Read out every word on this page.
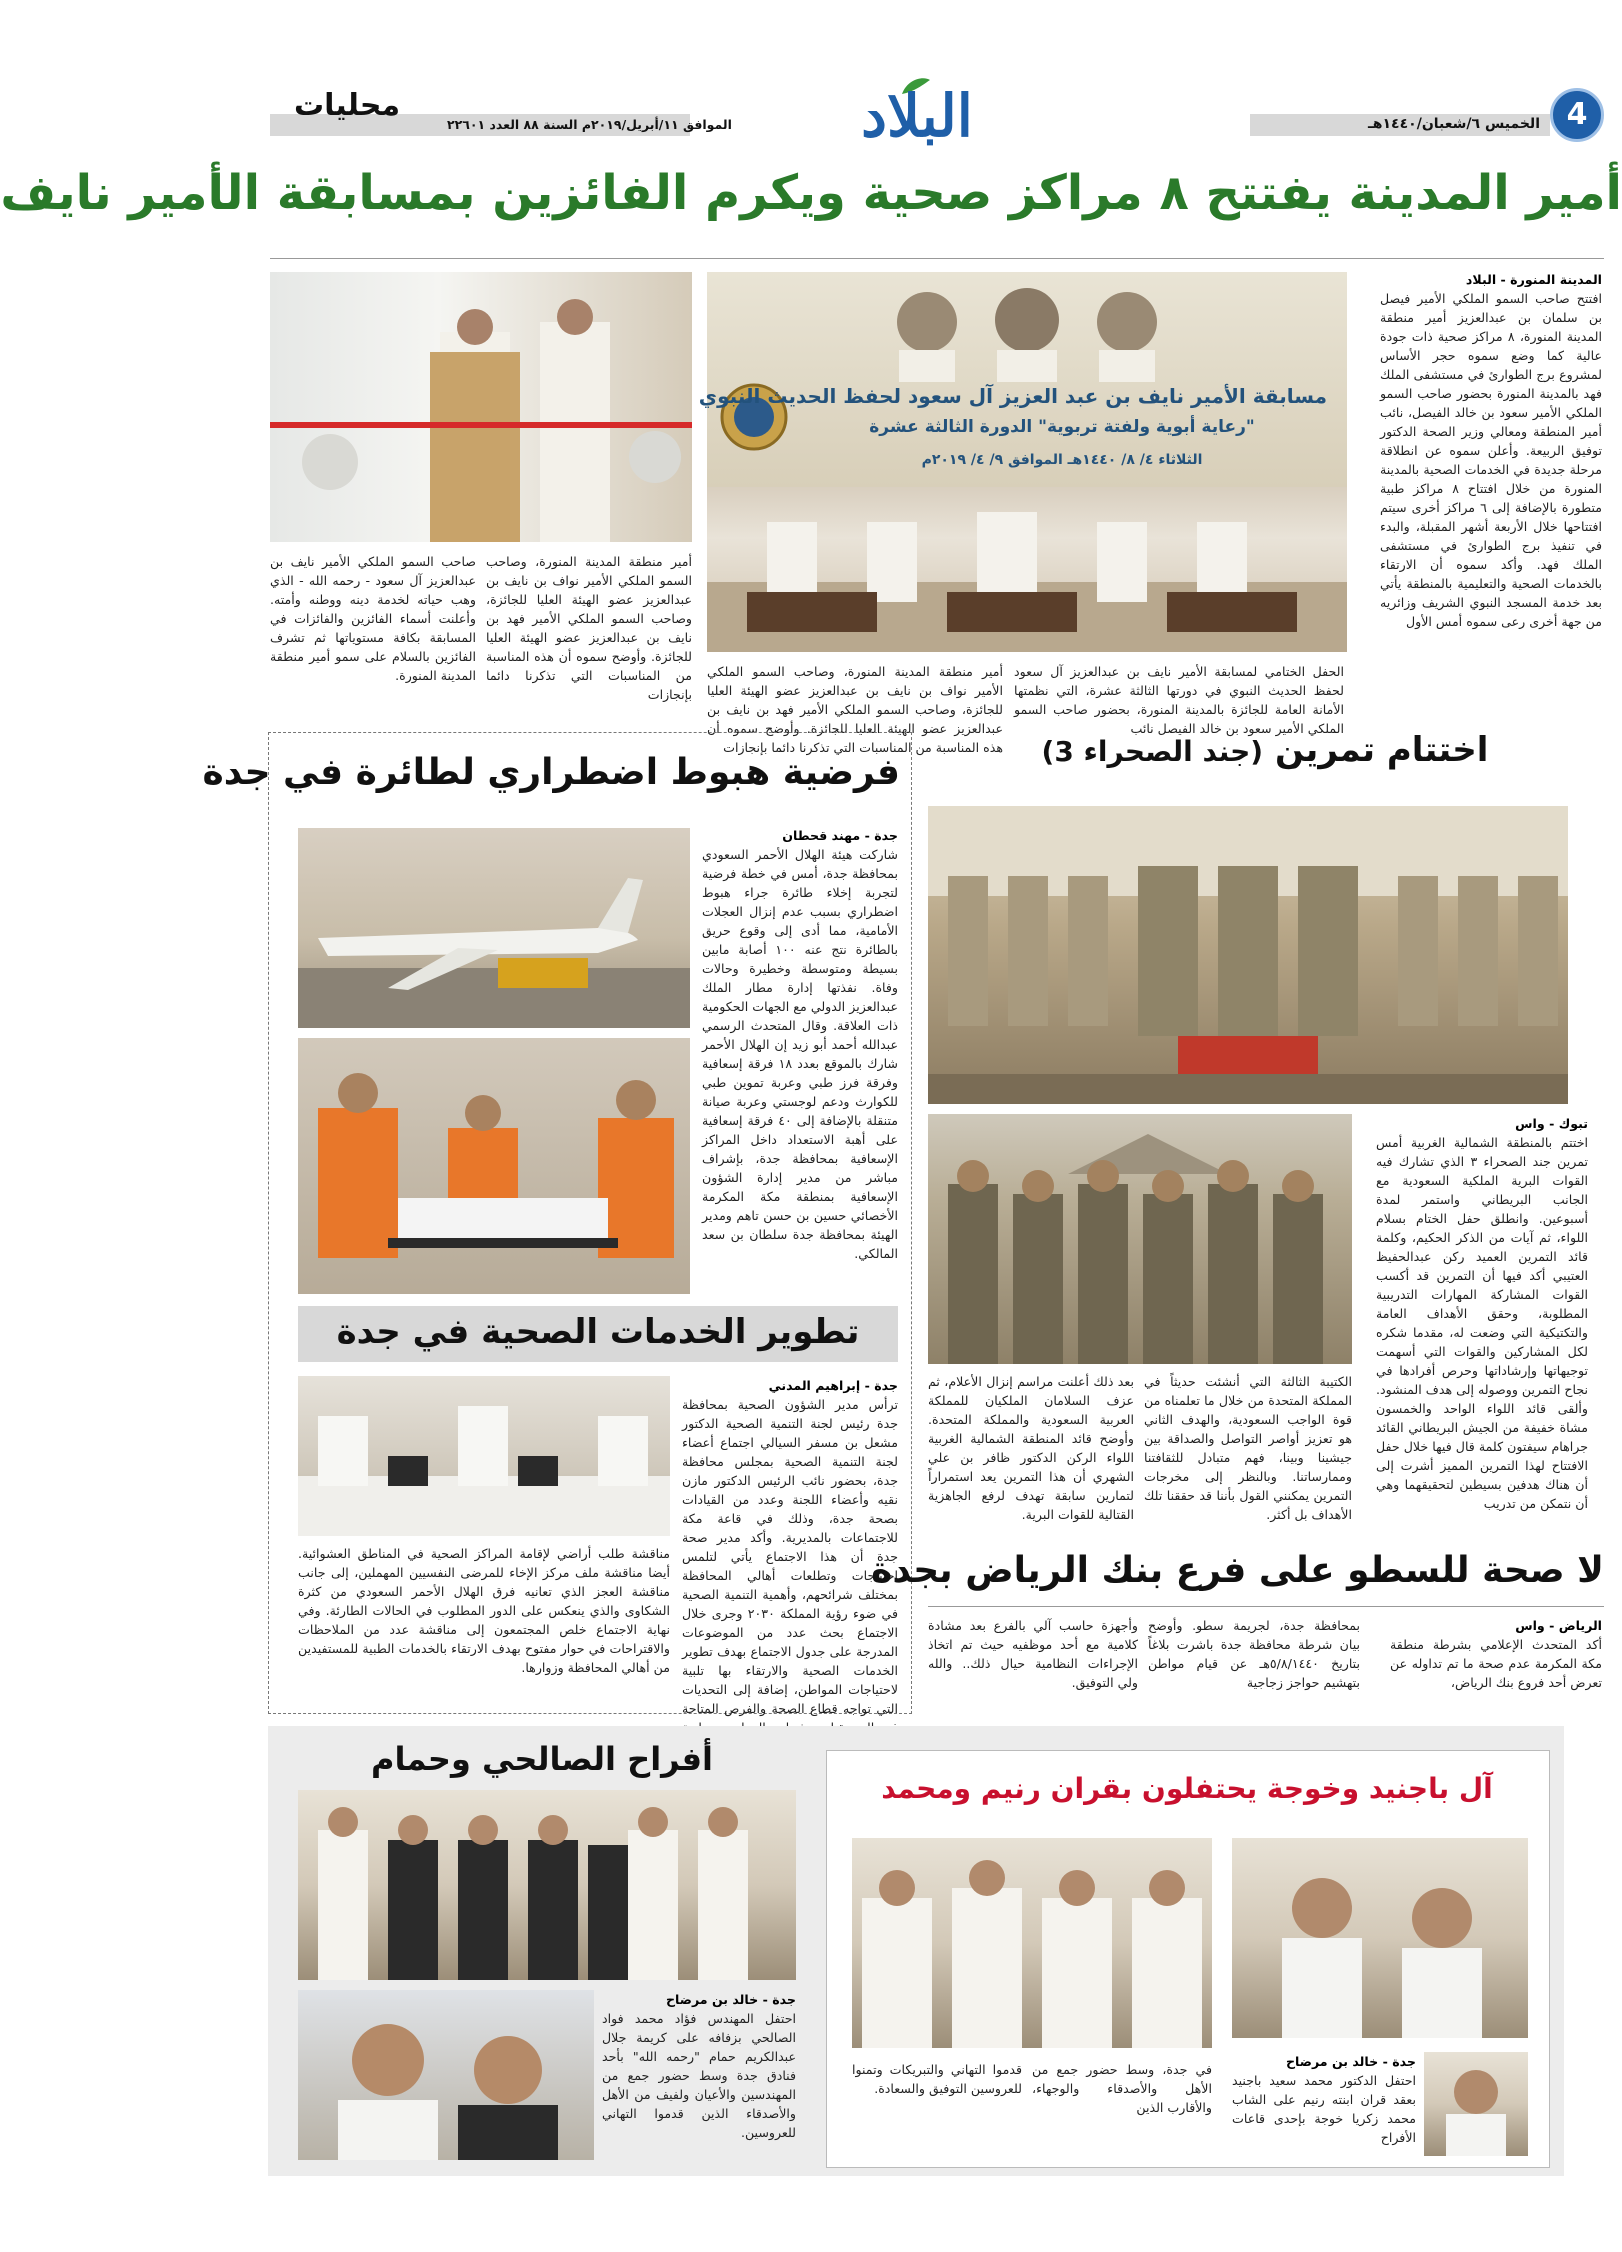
4
الخميس ٦/شعبان/١٤٤٠هـ
البلاد
الموافق ١١/أبريل/٢٠١٩م السنة ٨٨ العدد ٢٢٦٠١
محليات
أمير المدينة يفتتح ٨ مراكز صحية ويكرم الفائزين بمسابقة الأمير نايف
المدينة المنورة - البلاد
افتتح صاحب السمو الملكي الأمير فيصل بن سلمان بن عبدالعزيز أمير منطقة المدينة المنورة، ٨ مراكز صحية ذات جودة عالية كما وضع سموه حجر الأساس لمشروع برج الطوارئ في مستشفى الملك فهد بالمدينة المنورة بحضور صاحب السمو الملكي الأمير سعود بن خالد الفيصل، نائب أمير المنطقة ومعالي وزير الصحة الدكتور توفيق الربيعة. وأعلن سموه عن انطلاقة مرحلة جديدة في الخدمات الصحية بالمدينة المنورة من خلال افتتاح ٨ مراكز طبية متطورة بالإضافة إلى ٦ مراكز أخرى سيتم افتتاحها خلال الأربعة أشهر المقبلة، والبدء في تنفيذ برج الطوارئ في مستشفى الملك فهد. وأكد سموه أن الارتقاء بالخدمات الصحية والتعليمية بالمنطقة يأتي بعد خدمة المسجد النبوي الشريف وزائريه من جهة أخرى رعى سموه أمس الأول
مسابقة الأمير نايف بن عبد العزيز آل سعود لحفظ الحديث النبوي
"رعاية أبوية ولفتة تربوية" الدورة الثالثة عشرة
الثلاثاء ٤/ ٨/ ١٤٤٠هـ الموافق ٩/ ٤/ ٢٠١٩م
الحفل الختامي لمسابقة الأمير نايف بن عبدالعزيز آل سعود لحفظ الحديث النبوي في دورتها الثالثة عشرة، التي نظمتها الأمانة العامة للجائزة بالمدينة المنورة، بحضور صاحب السمو الملكي الأمير سعود بن خالد الفيصل نائب
أمير منطقة المدينة المنورة، وصاحب السمو الملكي الأمير نواف بن نايف بن عبدالعزيز عضو الهيئة العليا للجائزة، وصاحب السمو الملكي الأمير فهد بن نايف بن عبدالعزيز عضو الهيئة العليا للجائزة. وأوضح سموه أن هذه المناسبة من المناسبات التي تذكرنا دائما بإنجازات
صاحب السمو الملكي الأمير نايف بن عبدالعزيز آل سعود - رحمه الله - الذي وهب حياته لخدمة دينه ووطنه وأمته. وأعلنت أسماء الفائزين والفائزات في المسابقة بكافة مستوياتها ثم تشرف الفائزين بالسلام على سمو أمير منطقة المدينة المنورة.	أمير منطقة المدينة المنورة، وصاحب السمو الملكي الأمير نواف بن نايف بن عبدالعزيز عضو الهيئة العليا للجائزة، وصاحب السمو الملكي الأمير فهد بن نايف بن عبدالعزيز عضو الهيئة العليا للجائزة. وأوضح سموه أن هذه المناسبة من المناسبات التي تذكرنا دائما بإنجازات
فرضية هبوط اضطراري لطائرة في جدة
جدة - مهند قحطان
شاركت هيئة الهلال الأحمر السعودي بمحافظة جدة، أمس في خطة فرضية لتجربة إخلاء طائرة جراء هبوط اضطراري بسبب عدم إنزال العجلات الأمامية، مما أدى إلى وقوع حريق بالطائرة نتج عنه ١٠٠ أصابة مابين بسيطة ومتوسطة وخطيرة وحالات وفاة. نفذتها إدارة مطار الملك عبدالعزيز الدولي مع الجهات الحكومية ذات العلاقة. وقال المتحدث الرسمي عبدالله أحمد أبو زيد إن الهلال الأحمر شارك بالموقع بعدد ١٨ فرقة إسعافية وفرقة فرز طبي وعربة تموين طبي للكوارث ودعم لوجستي وعربة صيانة متنقلة بالإضافة إلى ٤٠ فرقة إسعافية على أهبة الاستعداد داخل المراكز الإسعافية بمحافظة جدة، بإشراف مباشر من مدير إدارة الشؤون الإسعافية بمنطقة مكة المكرمة الأخصائي حسين بن حسن تاهم ومدير الهيئة بمحافظة جدة سلطان بن سعد المالكي.
تطوير الخدمات الصحية في جدة
جدة - إبراهيم المدني
ترأس مدير الشؤون الصحية بمحافظة جدة رئيس لجنة التنمية الصحية الدكتور مشعل بن مسفر السيالي اجتماع أعضاء لجنة التنمية الصحية بمجلس محافظة جدة، بحضور نائب الرئيس الدكتور مازن نقيه وأعضاء اللجنة وعدد من القيادات بصحة جدة، وذلك في قاعة مكة للاجتماعات بالمديرية. وأكد مدير صحة جدة أن هذا الاجتماع يأتي لتلمس احتياجات وتطلعات أهالي المحافظة بمختلف شرائحهم، وأهمية التنمية الصحية في ضوء رؤية المملكة ٢٠٣٠ وجرى خلال الاجتماع بحث عدد من الموضوعات المدرجة على جدول الاجتماع بهدف تطوير الخدمات الصحية والارتقاء بها تلبية لاحتياجات المواطن، إضافة إلى التحديات التي تواجه قطاع الصحة والفرص المتاحة
مناقشة طلب أراضي لإقامة المراكز الصحية في المناطق العشوائية. أيضا مناقشة ملف مركز الإخاء للمرضى النفسيين المهملين، إلى جانب مناقشة العجز الذي تعانيه فرق الهلال الأحمر السعودي من كثرة الشكاوى والذي ينعكس على الدور المطلوب في الحالات الطارئة. وفي نهاية الاجتماع خلص المجتمعون إلى مناقشة عدد من الملاحظات والاقتراحات في حوار مفتوح بهدف الارتقاء بالخدمات الطبية للمستفيدين من أهالي المحافظة وزوارها.
اختتام تمرين (جند الصحراء 3)
تبوك - واس
اختتم بالمنطقة الشمالية الغربية أمس تمرين جند الصحراء ٣ الذي تشارك فيه القوات البرية الملكية السعودية مع الجانب البريطاني واستمر لمدة أسبوعين. وانطلق حفل الختام بسلام اللواء، ثم آيات من الذكر الحكيم، وكلمة قائد التمرين العميد ركن عبدالحفيظ العتيبي أكد فيها أن التمرين قد أكسب القوات المشاركة المهارات التدريبية المطلوبة، وحقق الأهداف العامة والتكتيكية التي وضعت له، مقدما شكره لكل المشاركين والقوات التي أسهمت توجيهاتها وإرشاداتها وحرص أفرادها في نجاح التمرين ووصوله إلى هدف المنشود. وألقى قائد اللواء الواحد والخمسون مشاة خفيفة من الجيش البريطاني القائد جراهام سيفتون كلمة قال فيها خلال حفل الافتتاح لهذا التمرين المميز أشرت إلى أن هناك هدفين بسيطين لتحقيقهما وهي أن نتمكن من تدريب
الكتيبة الثالثة التي أنشئت حديثاً في المملكة المتحدة من خلال ما تعلمناه من قوة الواجب السعودية، والهدف الثاني هو تعزيز أواصر التواصل والصداقة بين جيشينا وبينا، فهم متبادل للثقافتنا وممارساتنا. وبالنظر إلى مخرجات التمرين يمكنني القول بأننا قد حققنا تلك الأهداف بل أكثر.
بعد ذلك أعلنت مراسم إنزال الأعلام، ثم عزف السلامان الملكيان للمملكة العربية السعودية والمملكة المتحدة. وأوضح قائد المنطقة الشمالية الغربية اللواء الركن الدكتور ظافر بن علي الشهري أن هذا التمرين يعد استمراراً لتمارين سابقة تهدف لرفع الجاهزية القتالية للقوات البرية.
لا صحة للسطو على فرع بنك الرياض بجدة
الرياض - واس
أكد المتحدث الإعلامي بشرطة منطقة مكة المكرمة عدم صحة ما تم تداوله عن تعرض أحد فروع بنك الرياض،
بمحافظة جدة، لجريمة سطو. وأوضح بيان شرطة محافظة جدة باشرت بلاغاً بتاريخ ٥/٨/١٤٤٠هـ عن قيام مواطن بتهشيم حواجز زجاجية
وأجهزة حاسب آلي بالفرع بعد مشادة كلامية مع أحد موظفيه حيث تم اتخاذ الإجراءات النظامية حيال ذلك.. والله ولي التوفيق.
أفراح الصالحي وحمام
جدة - خالد بن مرضاح
احتفل المهندس فؤاد محمد فواد الصالحي بزفافه على كريمة جلال عبدالكريم حمام "رحمه الله" بأحد فنادق جدة وسط حضور جمع من المهندسين والأعيان ولفيف من الأهل والأصدقاء الذين قدموا التهاني للعروسين.
آل باجنيد وخوجة يحتفلون بقران رنيم ومحمد
جدة - خالد بن مرضاح
احتفل الدكتور محمد سعيد باجنيد بعقد قران ابنته رنيم على الشاب محمد زكريا خوجة بإحدى قاعات الأفراح
في جدة، وسط حضور جمع من الأهل والأصدقاء والوجهاء، والأقارب الذين
قدموا التهاني والتبريكات وتمنوا للعروسين التوفيق والسعادة.
